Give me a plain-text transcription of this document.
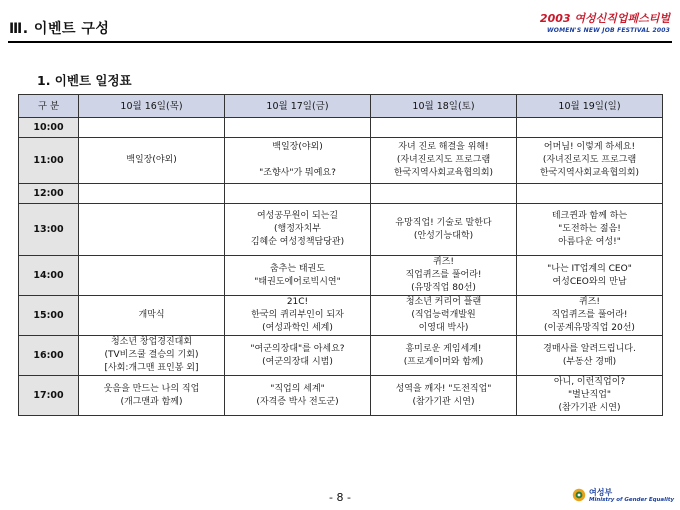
Ⅲ. 이벤트 구성
2003 여성신직업페스티벌
WOMEN'S NEW JOB FESTIVAL 2003
1. 이벤트 일정표
구 분	10월 16일(목)	10월 17일(금)	10월 18일(토)	10월 19일(일)
10:00				
11:00	백일장(야외)	백일장(야외)

"조향사"가 뭐예요?	자녀 진로 해결을 위해!
(자녀진로지도 프로그램
한국지역사회교육협의회)	어머님! 이렇게 하세요!
(자녀진로지도 프로그램
한국지역사회교육협의회)

12:00				
13:00		여성공무원이 되는길
(행정자치부
김혜순 여성정책담당관)	유망직업! 기술로 말한다
(안성기능대학)	테크퀸과 함께 하는
"도전하는 젊음!
아름다운 여성!"

14:00		춤추는 태권도
"태권도에어로빅시연"	퀴즈!
직업퀴즈를 풀어라!
(유망직업 80선)	"나는 IT업계의 CEO"
여성CEO와의 만남

15:00	개막식	21C!
한국의 퀴리부인이 되자
(여성과학인 세계)	청소년 커리어 플랜
(직업능력개발원
이영대 박사)	퀴즈!
직업퀴즈를 풀어라!
(이공계유망직업 20선)

16:00	청소년 창업경진대회
(TV비즈쿨 결승의 기회)
[사회:개그맨 표인봉 외]	"여군의장대"를 아세요?
(여군의장대 시범)	흥미로운 게임세계!
(프로게이머와 함께)	경매사를 알려드립니다.
(부동산 경매)

17:00	웃음을 만드는 나의 직업
(개그맨과 함께)	"직업의 세계"
(자격증 박사 전도군)	성역을 깨자! "도전직업"
(참가기관 시연)	아니, 이런직업이?
"별난직업"
(참가기관 시연)
- 8 -	여성부
Ministry of Gender Equality
